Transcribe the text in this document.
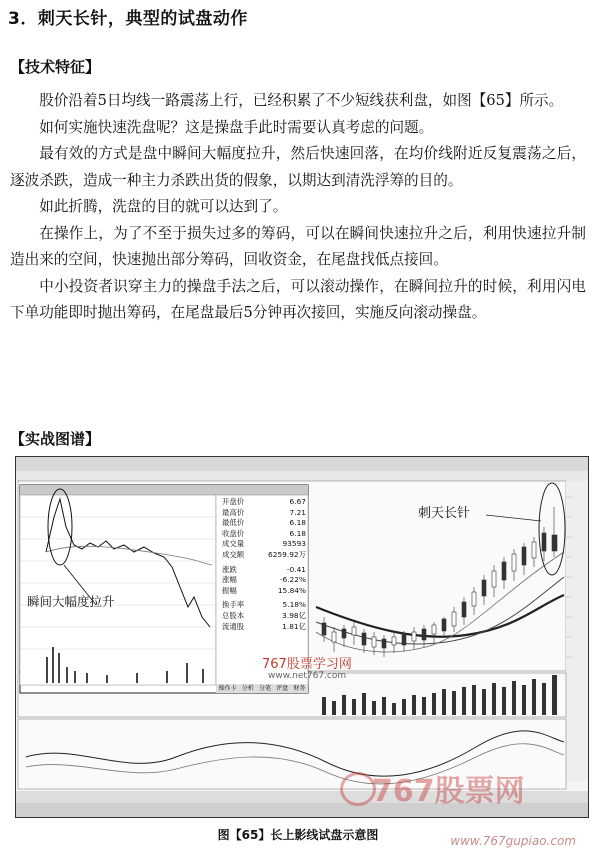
3．刺天长针，典型的试盘动作
【技术特征】

股价沿着5日均线一路震荡上行，已经积累了不少短线获利盘，如图【65】所示。

如何实施快速洗盘呢？这是操盘手此时需要认真考虑的问题。

最有效的方式是盘中瞬间大幅度拉升，然后快速回落，在均价线附近反复震荡之后，逐波杀跌，造成一种主力杀跌出货的假象，以期达到清洗浮筹的目的。

如此折腾，洗盘的目的就可以达到了。

在操作上，为了不至于损失过多的筹码，可以在瞬间快速拉升之后，利用快速拉升制造出来的空间，快速抛出部分筹码，回收资金，在尾盘找低点接回。

中小投资者识穿主力的操盘手法之后，可以滚动操作，在瞬间拉升的时候，利用闪电下单功能即时抛出筹码，在尾盘最后5分钟再次接回，实施反向滚动操盘。

【实战图谱】
刺天长针
瞬间大幅度拉升
开盘价	6.67
最高价	7.21
最低价	6.18
收盘价	6.18
成交量	93593
成交额	6259.92万
涨跌	-0.41
涨幅	-6.22%
振幅	15.84%
换手率	5.18%
总股本	3.98亿
流通股	1.81亿
操作卡 分析 分笔 评盘 财务
767股票学习网
www.net767.com
767股票网
图【65】长上影线试盘示意图	www.767gupiao.com
